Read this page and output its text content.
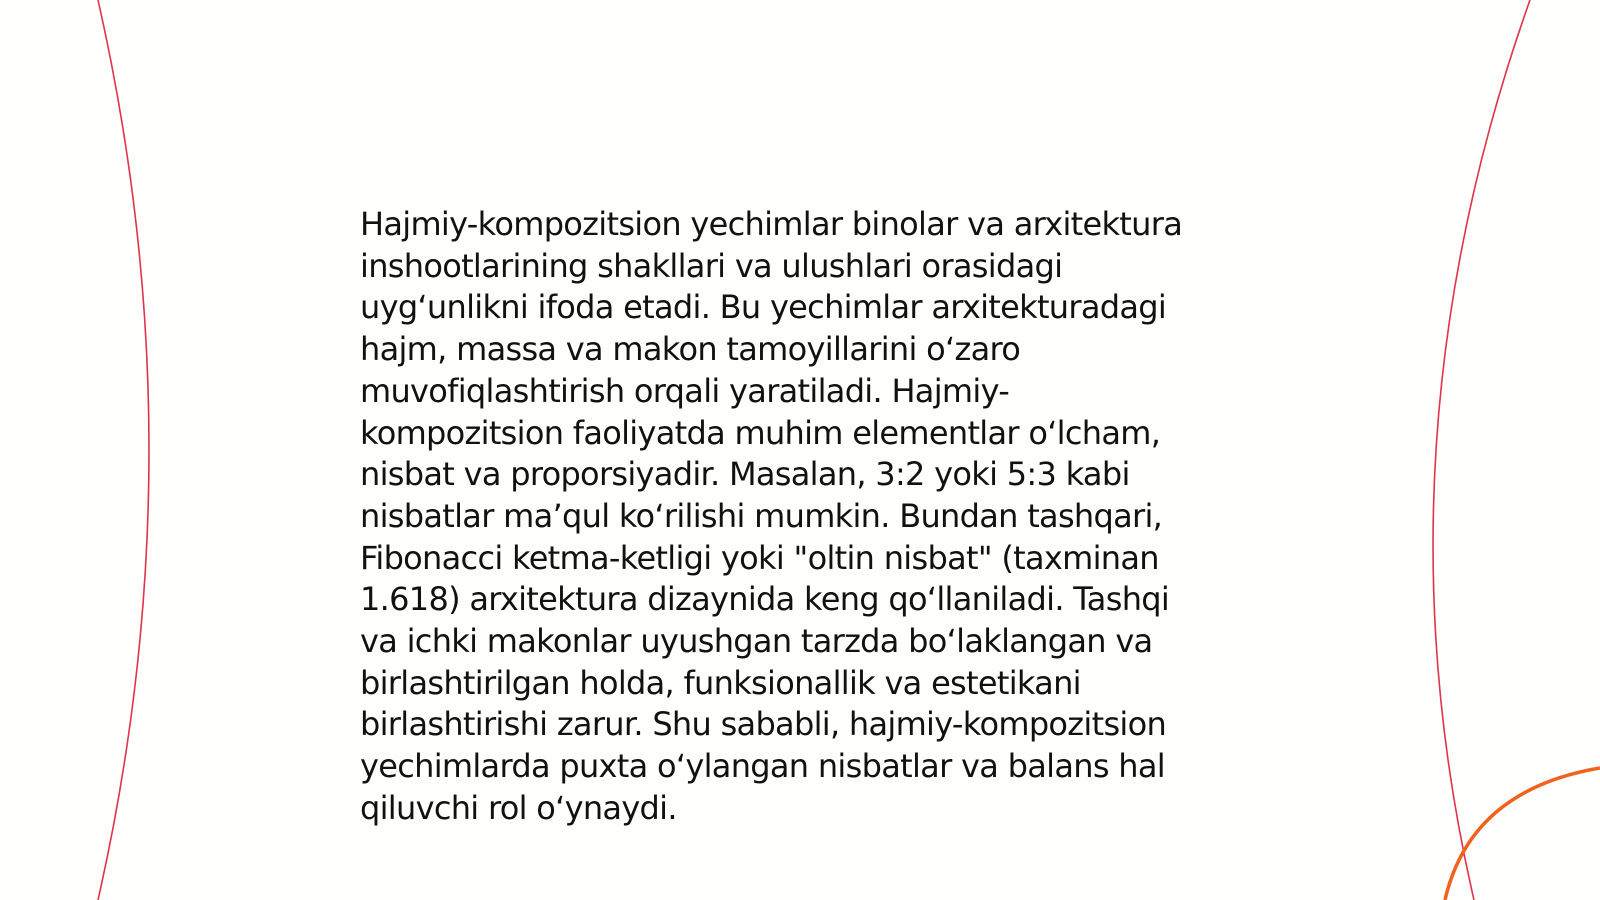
Hajmiy-kompozitsion yechimlar binolar va arxitektura
inshootlarining shakllari va ulushlari orasidagi
uyg‘unlikni ifoda etadi. Bu yechimlar arxitekturadagi
hajm, massa va makon tamoyillarini o‘zaro
muvofiqlashtirish orqali yaratiladi. Hajmiy-
kompozitsion faoliyatda muhim elementlar o‘lcham,
nisbat va proporsiyadir. Masalan, 3:2 yoki 5:3 kabi
nisbatlar ma’qul ko‘rilishi mumkin. Bundan tashqari,
Fibonacci ketma-ketligi yoki "oltin nisbat" (taxminan
1.618) arxitektura dizaynida keng qo‘llaniladi. Tashqi
va ichki makonlar uyushgan tarzda bo‘laklangan va
birlashtirilgan holda, funksionallik va estetikani
birlashtirishi zarur. Shu sababli, hajmiy-kompozitsion
yechimlarda puxta o‘ylangan nisbatlar va balans hal
qiluvchi rol o‘ynaydi.
